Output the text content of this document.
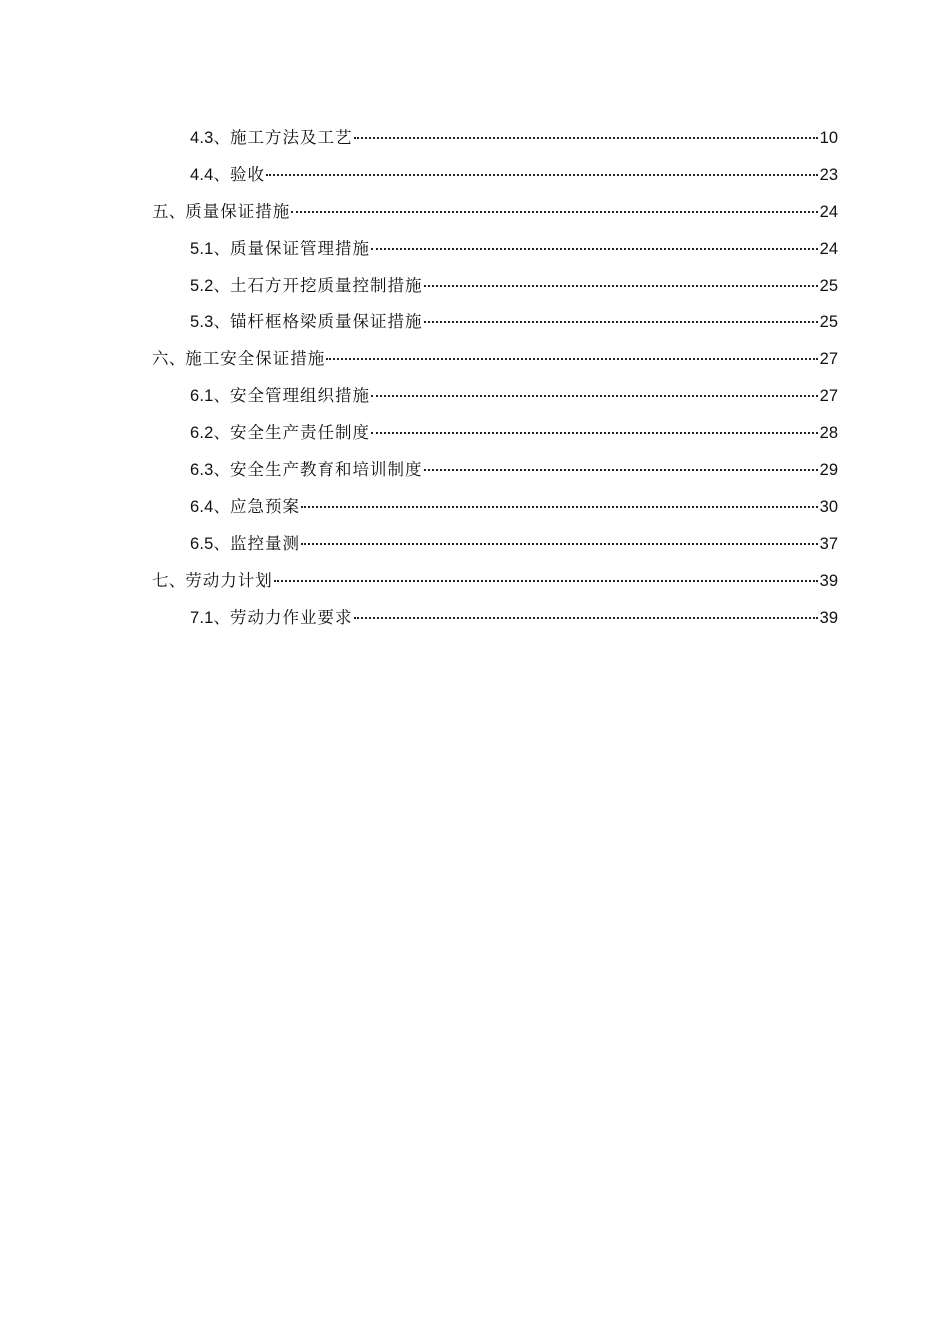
4.3 、 施工方法及工艺	10
4.4 、 验收	23
五 、 质量保证措施	24
5.1 、 质量保证管理措施	24
5.2 、 土石方开挖质量控制措施	25
5.3 、 锚杆框格梁质量保证措施	25
六 、 施工安全保证措施	27
6.1 、 安全管理组织措施	27
6.2 、 安全生产责任制度	28
6.3 、 安全生产教育和培训制度	29
6.4 、 应急预案	30
6.5 、 监控量测	37
七 、 劳动力计划	39
7.1 、 劳动力作业要求	39
